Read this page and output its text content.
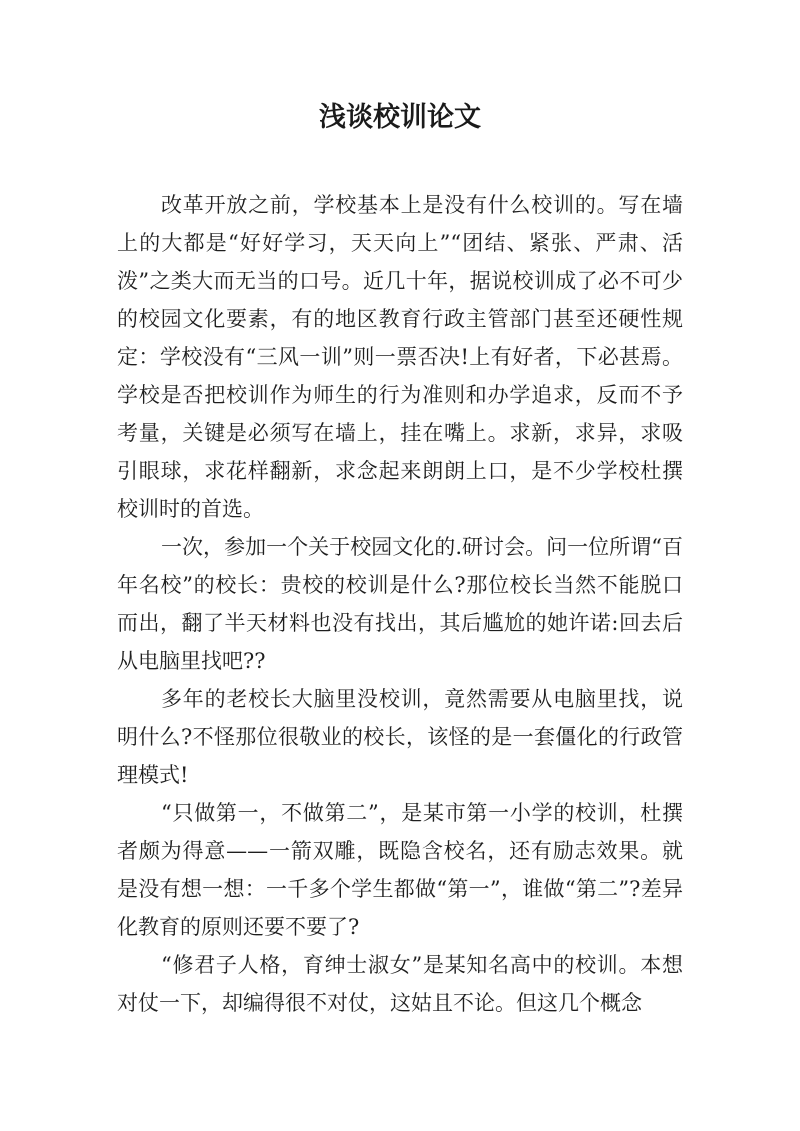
浅谈校训论文

改革开放之前，学校基本上是没有什么校训的。写在墙上的大都是“好好学习，天天向上”“团结、紧张、严肃、活泼”之类大而无当的口号。近几十年，据说校训成了必不可少的校园文化要素，有的地区教育行政主管部门甚至还硬性规定：学校没有“三风一训”则一票否决!上有好者，下必甚焉。学校是否把校训作为师生的行为准则和办学追求，反而不予考量，关键是必须写在墙上，挂在嘴上。求新，求异，求吸引眼球，求花样翻新，求念起来朗朗上口，是不少学校杜撰校训时的首选。

一次，参加一个关于校园文化的.研讨会。问一位所谓“百年名校”的校长：贵校的校训是什么?那位校长当然不能脱口而出，翻了半天材料也没有找出，其后尴尬的她许诺:回去后从电脑里找吧??

多年的老校长大脑里没校训，竟然需要从电脑里找，说明什么?不怪那位很敬业的校长，该怪的是一套僵化的行政管理模式!

“只做第一，不做第二”，是某市第一小学的校训，杜撰者颇为得意——一箭双雕，既隐含校名，还有励志效果。就是没有想一想：一千多个学生都做“第一”，谁做“第二”?差异化教育的原则还要不要了?

“修君子人格，育绅士淑女”是某知名高中的校训。本想对仗一下，却编得很不对仗，这姑且不论。但这几个概念
